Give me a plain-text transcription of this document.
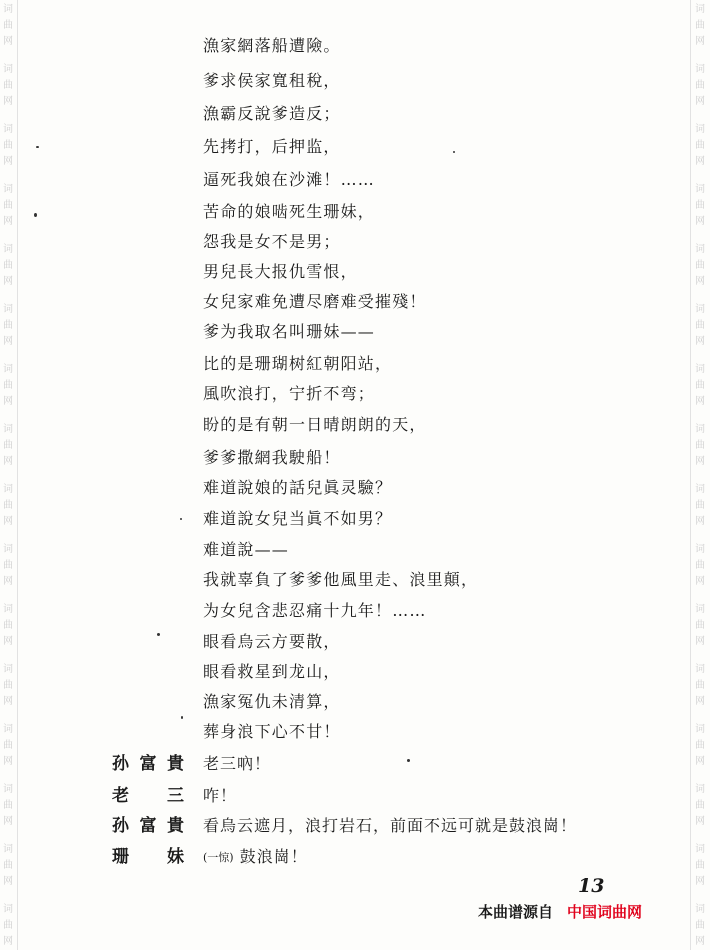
词
曲
网
词
曲
网
词
曲
网
词
曲
网
词
曲
网
词
曲
网
词
曲
网
词
曲
网
词
曲
网
词
曲
网
词
曲
网
词
曲
网
词
曲
网
词
曲
网
词
曲
网
词
曲
网
词
曲
网
词
曲
网
词
曲
网
词
曲
网
词
曲
网
词
曲
网
词
曲
网
词
曲
网
词
曲
网
词
曲
网
词
曲
网
词
曲
网
词
曲
网
词
曲
网
词
曲
网
词
曲
网
漁家網落船遭險。
爹求侯家寬租稅，
漁霸反說爹造反；
先拷打，后押监，
逼死我娘在沙滩！……
苦命的娘啮死生珊妹，
怨我是女不是男；
男兒長大报仇雪恨，
女兒家难免遭尽磨难受摧殘！
爹为我取名叫珊妹——
比的是珊瑚树紅朝阳站，
風吹浪打，宁折不弯；
盼的是有朝一日晴朗朗的天，
爹爹撒網我駛船！
难道說娘的話兒眞灵驗？
难道說女兒当眞不如男？
难道說——
我就辜負了爹爹他風里走、浪里顛，
为女兒含悲忍痛十九年！……
眼看烏云方要散，
眼看救星到龙山，
漁家冤仇未清算，
葬身浪下心不甘！
孙富貴 老三吶！
老三 咋！
孙富貴 看烏云遮月，浪打岩石，前面不远可就是鼓浪崗！
珊妹 (一惊) 鼓浪崗！
13
本曲谱源自 中国词曲网
